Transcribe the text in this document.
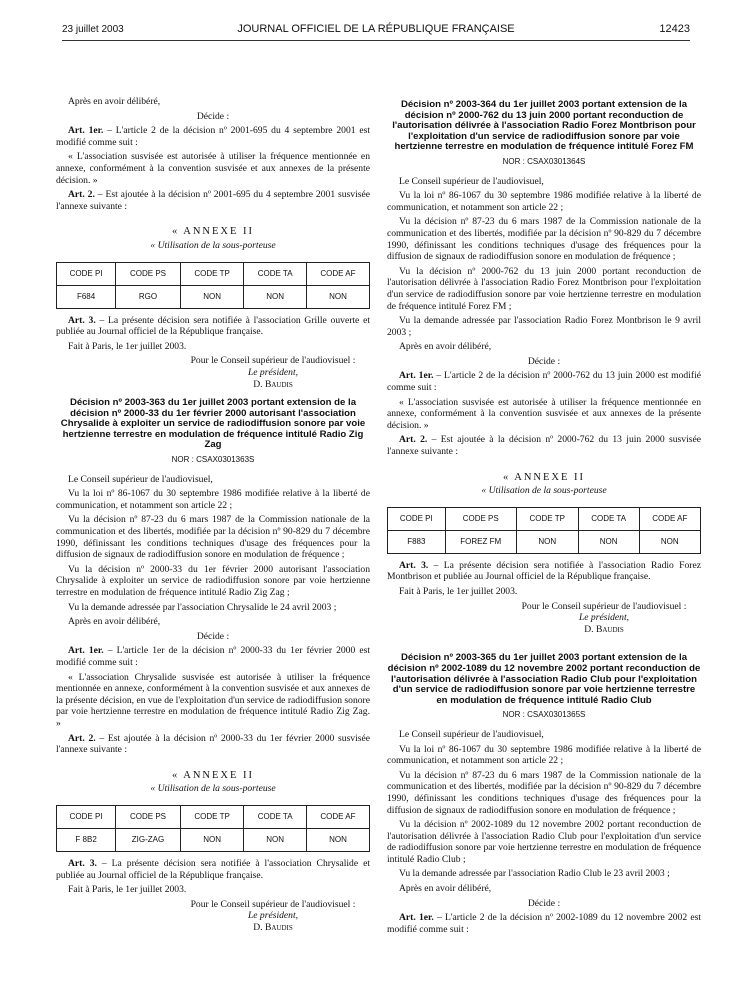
23 juillet 2003	JOURNAL OFFICIEL DE LA RÉPUBLIQUE FRANÇAISE	12423

Après en avoir délibéré,

Décide :

Art. 1er. – L'article 2 de la décision nº 2001-695 du 4 septembre 2001 est modifié comme suit :

« L'association susvisée est autorisée à utiliser la fréquence mentionnée en annexe, conformément à la convention susvisée et aux annexes de la présente décision. »

Art. 2. – Est ajoutée à la décision nº 2001-695 du 4 septembre 2001 susvisée l'annexe suivante :

« ANNEXE II

« Utilisation de la sous-porteuse

CODE PI	CODE PS	CODE TP	CODE TA	CODE AF
F684	RGO	NON	NON	NON

Art. 3. – La présente décision sera notifiée à l'association Grille ouverte et publiée au Journal officiel de la République française.

Fait à Paris, le 1er juillet 2003.

Pour le Conseil supérieur de l'audiovisuel :

Le président,

D. Baudis

Décision nº 2003-363 du 1er juillet 2003 portant extension de la décision nº 2000-33 du 1er février 2000 autorisant l'association Chrysalide à exploiter un service de radiodiffusion sonore par voie hertzienne terrestre en modulation de fréquence intitulé Radio Zig Zag

NOR : CSAX0301363S

Le Conseil supérieur de l'audiovisuel,

Vu la loi nº 86-1067 du 30 septembre 1986 modifiée relative à la liberté de communication, et notamment son article 22 ;

Vu la décision nº 87-23 du 6 mars 1987 de la Commission nationale de la communication et des libertés, modifiée par la décision nº 90-829 du 7 décembre 1990, définissant les conditions techniques d'usage des fréquences pour la diffusion de signaux de radiodiffusion sonore en modulation de fréquence ;

Vu la décision nº 2000-33 du 1er février 2000 autorisant l'association Chrysalide à exploiter un service de radiodiffusion sonore par voie hertzienne terrestre en modulation de fréquence intitulé Radio Zig Zag ;

Vu la demande adressée par l'association Chrysalide le 24 avril 2003 ;

Après en avoir délibéré,

Décide :

Art. 1er. – L'article 1er de la décision nº 2000-33 du 1er février 2000 est modifié comme suit :

« L'association Chrysalide susvisée est autorisée à utiliser la fréquence mentionnée en annexe, conformément à la convention susvisée et aux annexes de la présente décision, en vue de l'exploitation d'un service de radiodiffusion sonore par voie hertzienne terrestre en modulation de fréquence intitulé Radio Zig Zag. »

Art. 2. – Est ajoutée à la décision nº 2000-33 du 1er février 2000 susvisée l'annexe suivante :

« ANNEXE II

« Utilisation de la sous-porteuse

CODE PI	CODE PS	CODE TP	CODE TA	CODE AF
F 8B2	ZIG-ZAG	NON	NON	NON

Art. 3. – La présente décision sera notifiée à l'association Chrysalide et publiée au Journal officiel de la République française.

Fait à Paris, le 1er juillet 2003.

Pour le Conseil supérieur de l'audiovisuel :

Le président,

D. Baudis

Décision nº 2003-364 du 1er juillet 2003 portant extension de la décision nº 2000-762 du 13 juin 2000 portant reconduction de l'autorisation délivrée à l'association Radio Forez Montbrison pour l'exploitation d'un service de radiodiffusion sonore par voie hertzienne terrestre en modulation de fréquence intitulé Forez FM

NOR : CSAX0301364S

Le Conseil supérieur de l'audiovisuel,

Vu la loi nº 86-1067 du 30 septembre 1986 modifiée relative à la liberté de communication, et notamment son article 22 ;

Vu la décision nº 87-23 du 6 mars 1987 de la Commission nationale de la communication et des libertés, modifiée par la décision nº 90-829 du 7 décembre 1990, définissant les conditions techniques d'usage des fréquences pour la diffusion de signaux de radiodiffusion sonore en modulation de fréquence ;

Vu la décision nº 2000-762 du 13 juin 2000 portant reconduction de l'autorisation délivrée à l'association Radio Forez Montbrison pour l'exploitation d'un service de radiodiffusion sonore par voie hertzienne terrestre en modulation de fréquence intitulé Forez FM ;

Vu la demande adressée par l'association Radio Forez Montbrison le 9 avril 2003 ;

Après en avoir délibéré,

Décide :

Art. 1er. – L'article 2 de la décision nº 2000-762 du 13 juin 2000 est modifié comme suit :

« L'association susvisée est autorisée à utiliser la fréquence mentionnée en annexe, conformément à la convention susvisée et aux annexes de la présente décision. »

Art. 2. – Est ajoutée à la décision nº 2000-762 du 13 juin 2000 susvisée l'annexe suivante :

« ANNEXE II

« Utilisation de la sous-porteuse

CODE PI	CODE PS	CODE TP	CODE TA	CODE AF
F883	FOREZ FM	NON	NON	NON

Art. 3. – La présente décision sera notifiée à l'association Radio Forez Montbrison et publiée au Journal officiel de la République française.

Fait à Paris, le 1er juillet 2003.

Pour le Conseil supérieur de l'audiovisuel :

Le président,

D. Baudis

Décision nº 2003-365 du 1er juillet 2003 portant extension de la décision nº 2002-1089 du 12 novembre 2002 portant reconduction de l'autorisation délivrée à l'association Radio Club pour l'exploitation d'un service de radiodiffusion sonore par voie hertzienne terrestre en modulation de fréquence intitulé Radio Club

NOR : CSAX0301365S

Le Conseil supérieur de l'audiovisuel,

Vu la loi nº 86-1067 du 30 septembre 1986 modifiée relative à la liberté de communication, et notamment son article 22 ;

Vu la décision nº 87-23 du 6 mars 1987 de la Commission nationale de la communication et des libertés, modifiée par la décision nº 90-829 du 7 décembre 1990, définissant les conditions techniques d'usage des fréquences pour la diffusion de signaux de radiodiffusion sonore en modulation de fréquence ;

Vu la décision nº 2002-1089 du 12 novembre 2002 portant reconduction de l'autorisation délivrée à l'association Radio Club pour l'exploitation d'un service de radiodiffusion sonore par voie hertzienne terrestre en modulation de fréquence intitulé Radio Club ;

Vu la demande adressée par l'association Radio Club le 23 avril 2003 ;

Après en avoir délibéré,

Décide :

Art. 1er. – L'article 2 de la décision nº 2002-1089 du 12 novembre 2002 est modifié comme suit :
